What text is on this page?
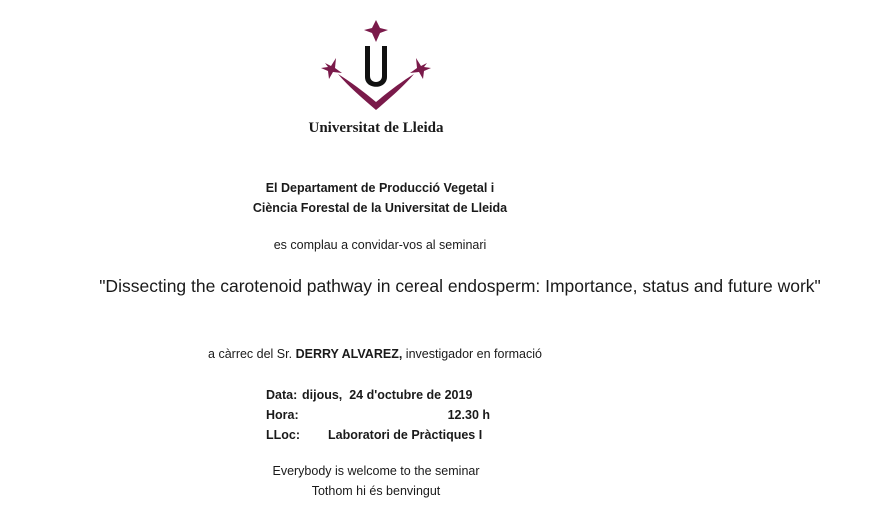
Universitat de Lleida
El Departament de Producció Vegetal i
Ciència Forestal de la Universitat de Lleida
es complau a convidar-vos al seminari
"Dissecting the carotenoid pathway in cereal endosperm: Importance, status and future work"
a càrrec del Sr. DERRY ALVAREZ, investigador en formació
Data: dijous, 24 d'octubre de 2019
Hora:	12.30 h
LLoc: Laboratori de Pràctiques I
Everybody is welcome to the seminar
Tothom hi és benvingut
